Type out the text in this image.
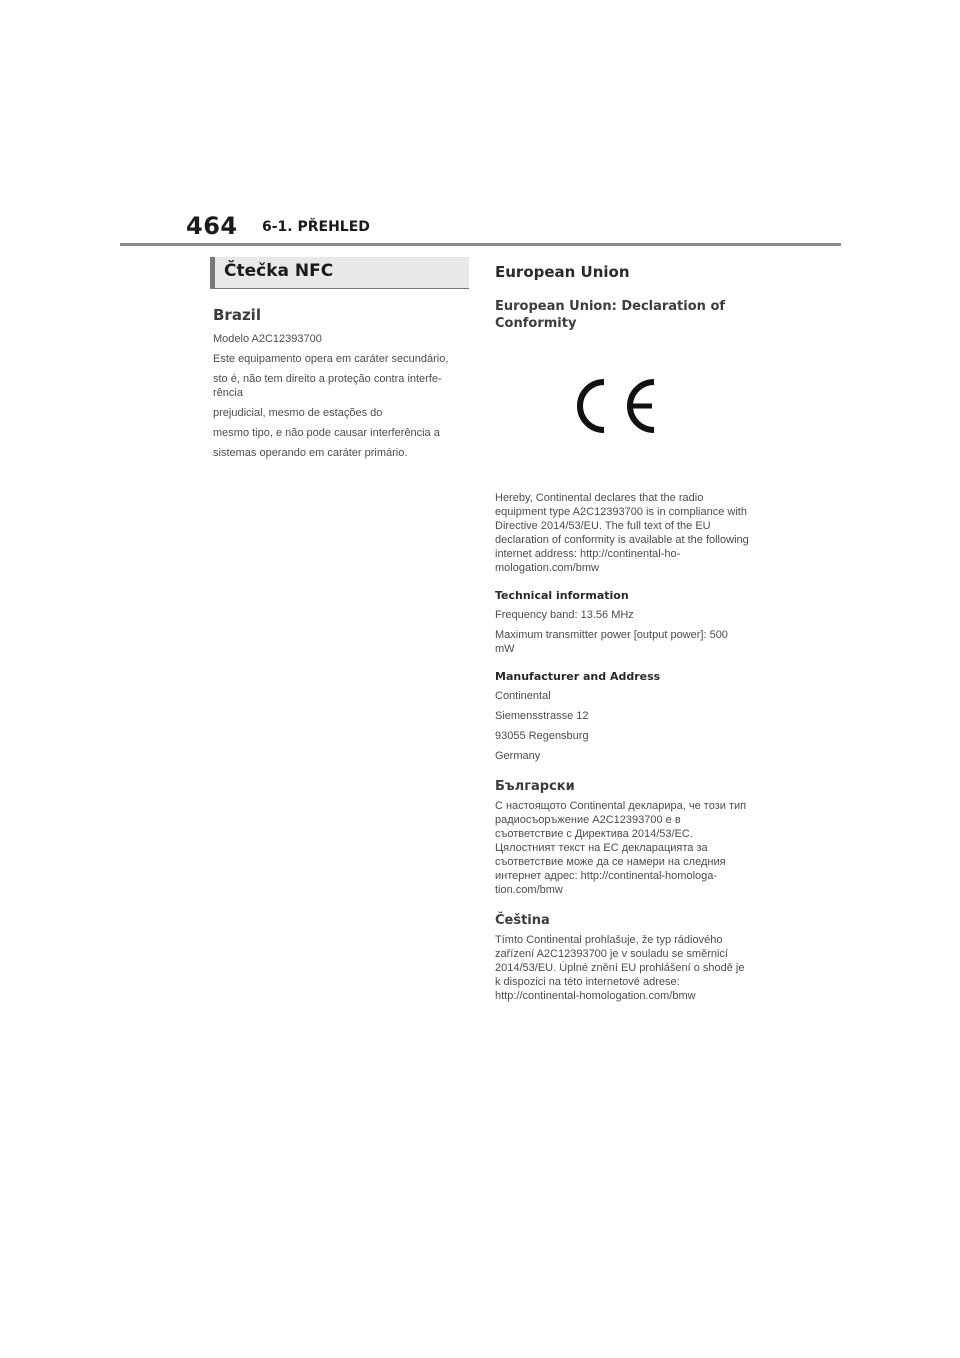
464 6-1. PŘEHLED
Čtečka NFC
Brazil

Modelo A2C12393700

Este equipamento opera em caráter secundário,

sto é, não tem direito a proteção contra interfe-
rência

prejudicial, mesmo de estações do

mesmo tipo, e não pode causar interferência a

sistemas operando em caráter primário.

European Union
European Union: Declaration of Conformity

Hereby, Continental declares that the radio equipment type A2C12393700 is in compliance with Directive 2014/53/EU. The full text of the EU declaration of conformity is available at the following internet address: http://continental-ho-mologation.com/bmw

Technical information

Frequency band: 13.56 MHz

Maximum transmitter power [output power]: 500 mW

Manufacturer and Address

Continental

Siemensstrasse 12

93055 Regensburg

Germany

Български

С настоящото Continental декларира, че този тип радиосъоръжение A2C12393700 е в съответствие с Директива 2014/53/ЕС. Цялостният текст на ЕС декларацията за съответствие може да се намери на следния интернет адрес: http://continental-homologa-tion.com/bmw

Čeština

Tímto Continental prohlašuje, že typ rádiového zařízení A2C12393700 je v souladu se směrnicí 2014/53/EU. Úplné znění EU prohlášení o shodě je k dispozici na této internetové adrese: http://continental-homologation.com/bmw
